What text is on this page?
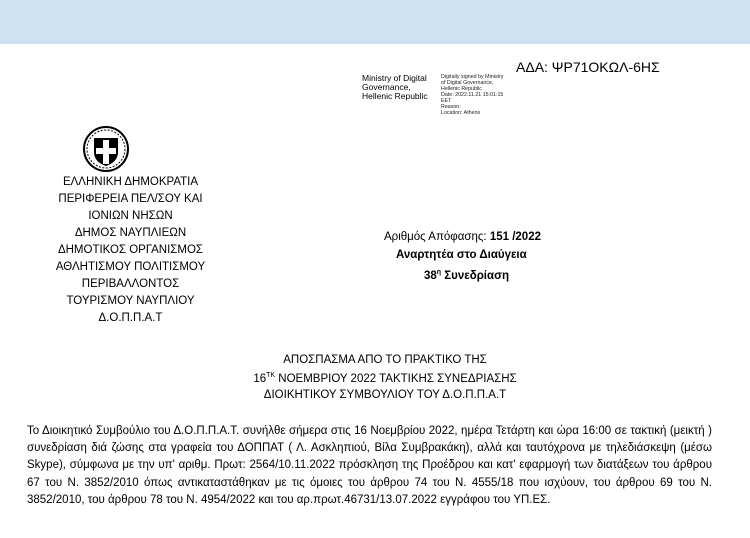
ΑΔΑ: ΨΡ71ΟΚΩΛ-6ΗΣ
Ministry of Digital
Governance,
Hellenic Republic
Digitally signed by Ministry
of Digital Governance,
Hellenic Republic
Date: 2022.11.21 15:01:15
EET
Reason:
Location: Athens
ΕΛΛΗΝΙΚΗ ΔΗΜΟΚΡΑΤΙΑ
ΠΕΡΙΦΕΡΕΙΑ ΠΕΛ/ΣΟΥ ΚΑΙ
ΙΟΝΙΩΝ ΝΗΣΩΝ
ΔΗΜΟΣ ΝΑΥΠΛΙΕΩΝ
ΔΗΜΟΤΙΚΟΣ ΟΡΓΑΝΙΣΜΟΣ
ΑΘΛΗΤΙΣΜΟΥ ΠΟΛΙΤΙΣΜΟΥ
ΠΕΡΙΒΑΛΛΟΝΤΟΣ
ΤΟΥΡΙΣΜΟΥ ΝΑΥΠΛΙΟΥ
Δ.Ο.Π.Π.Α.Τ
Αριθμός Απόφασης: 151 /2022
Αναρτητέα στο Διαύγεια
$38^\eta$ Συνεδρίαση
ΑΠΟΣΠΑΣΜΑ ΑΠΟ ΤΟ ΠΡΑΚΤΙΚΟ ΤΗΣ
$16^{TK}$ ΝΟΕΜΒΡΙΟΥ 2022 ΤΑΚΤΙΚΗΣ ΣΥΝΕΔΡΙΑΣΗΣ
ΔΙΟΙΚΗΤΙΚΟΥ ΣΥΜΒΟΥΛΙΟΥ ΤΟΥ Δ.Ο.Π.Π.Α.Τ

Το Διοικητικό Συμβούλιο του Δ.Ο.Π.Π.Α.Τ. συνήλθε σήμερα στις 16 Νοεμβρίου 2022, ημέρα Τετάρτη και ώρα 16:00 σε τακτική (μεικτή ) συνεδρίαση διά ζώσης στα γραφεία του ΔΟΠΠΑΤ ( Λ. Ασκληπιού, Βίλα Συμβρακάκη), αλλά και ταυτόχρονα με τηλεδιάσκεψη (μέσω Skype), σύμφωνα με την υπ' αριθμ. Πρωτ: 2564/10.11.2022 πρόσκληση της Προέδρου και κατ' εφαρμογή των διατάξεων του άρθρου 67 του Ν. 3852/2010 όπως αντικαταστάθηκαν με τις όμοιες του άρθρου 74 του Ν. 4555/18 που ισχύουν, του άρθρου 69 του Ν. 3852/2010, του άρθρου 78 του Ν. 4954/2022 και του αρ.πρωτ.46731/13.07.2022 εγγράφου του ΥΠ.ΕΣ.
